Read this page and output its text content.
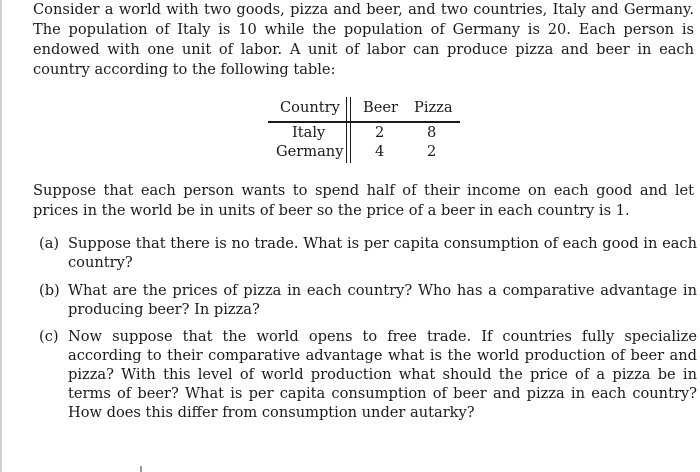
Consider a world with two goods, pizza and beer, and two countries, Italy and Germany. The population of Italy is 10 while the population of Germany is 20. Each person is endowed with one unit of labor. A unit of labor can produce pizza and beer in each country according to the following table:

Country Beer Pizza
Italy	2	8
Germany 4	2

Suppose that each person wants to spend half of their income on each good and let prices in the world be in units of beer so the price of a beer in each country is 1.

(a) Suppose that there is no trade. What is per capita consumption of each good in each country?
(b) What are the prices of pizza in each country? Who has a comparative advantage in producing beer? In pizza?
(c) Now suppose that the world opens to free trade. If countries fully specialize according to their comparative advantage what is the world production of beer and pizza? With this level of world production what should the price of a pizza be in terms of beer? What is per capita consumption of beer and pizza in each country? How does this differ from consumption under autarky?
